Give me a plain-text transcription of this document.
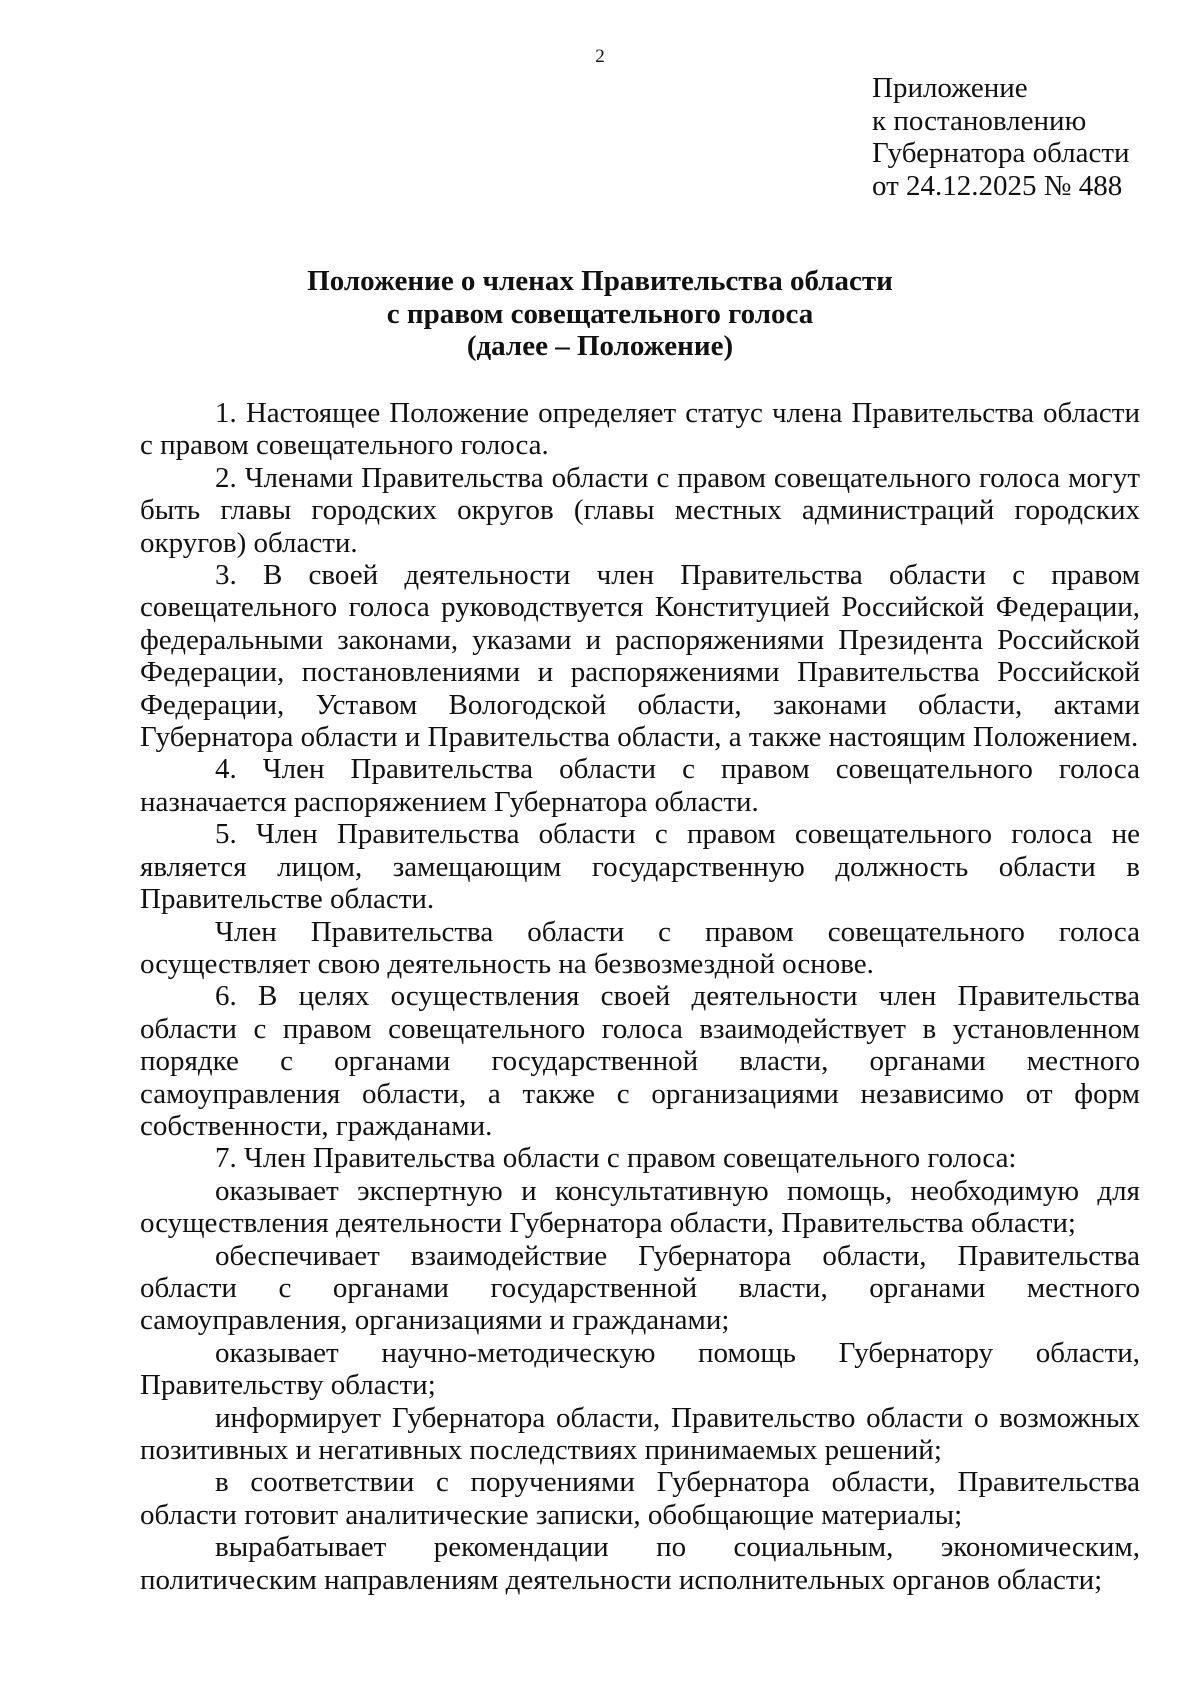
2
Приложение
к постановлению
Губернатора области
от 24.12.2025 № 488
Положение о членах Правительства области
с правом совещательного голоса
(далее – Положение)

1. Настоящее Положение определяет статус члена Правительства области с правом совещательного голоса.

2. Членами Правительства области с правом совещательного голоса могут быть главы городских округов (главы местных администраций городских округов) области.

3. В своей деятельности член Правительства области с правом совещательного голоса руководствуется Конституцией Российской Федерации, федеральными законами, указами и распоряжениями Президента Российской Федерации, постановлениями и распоряжениями Правительства Российской Федерации, Уставом Вологодской области, законами области, актами Губернатора области и Правительства области, а также настоящим Положением.

4. Член Правительства области с правом совещательного голоса назначается распоряжением Губернатора области.

5. Член Правительства области с правом совещательного голоса не является лицом, замещающим государственную должность области в Правительстве области.

Член Правительства области с правом совещательного голоса осуществляет свою деятельность на безвозмездной основе.

6. В целях осуществления своей деятельности член Правительства области с правом совещательного голоса взаимодействует в установленном порядке с органами государственной власти, органами местного самоуправления области, а также с организациями независимо от форм собственности, гражданами.

7. Член Правительства области с правом совещательного голоса:

оказывает экспертную и консультативную помощь, необходимую для осуществления деятельности Губернатора области, Правительства области;

обеспечивает взаимодействие Губернатора области, Правительства области с органами государственной власти, органами местного самоуправления, организациями и гражданами;

оказывает научно-методическую помощь Губернатору области, Правительству области;

информирует Губернатора области, Правительство области о возможных позитивных и негативных последствиях принимаемых решений;

в соответствии с поручениями Губернатора области, Правительства области готовит аналитические записки, обобщающие материалы;

вырабатывает рекомендации по социальным, экономическим, политическим направлениям деятельности исполнительных органов области;
